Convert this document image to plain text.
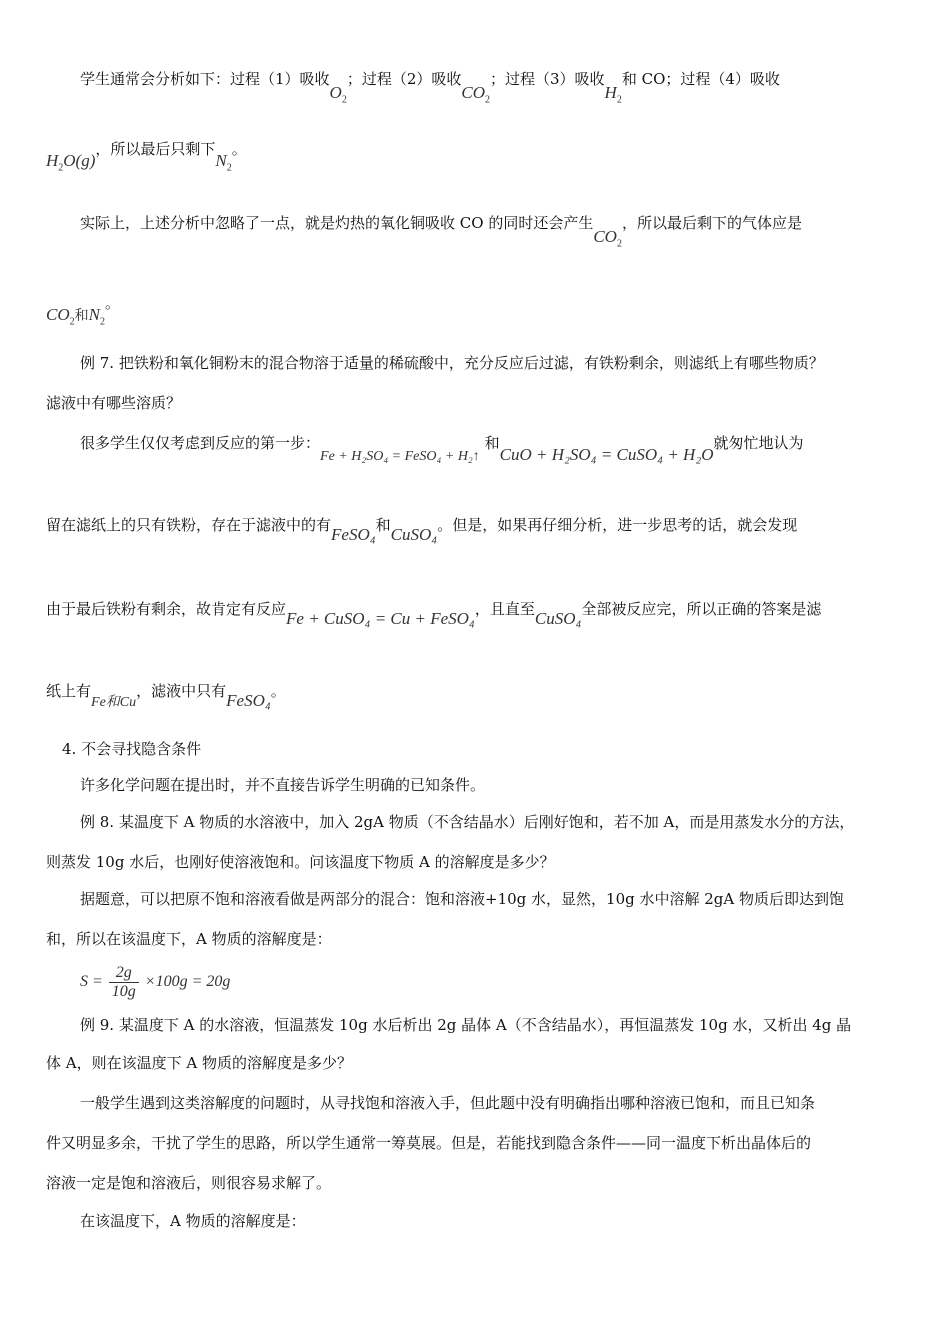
学生通常会分析如下：过程（1）吸收$O_2$；过程（2）吸收$CO_2$；过程（3）吸收$H_2$和 CO；过程（4）吸收
$H_2O(g)$，所以最后只剩下$N_2$。
实际上，上述分析中忽略了一点，就是灼热的氧化铜吸收 CO 的同时还会产生$CO_2$，所以最后剩下的气体应是
$CO_2$和$N_2$。
例 7. 把铁粉和氧化铜粉末的混合物溶于适量的稀硫酸中，充分反应后过滤，有铁粉剩余，则滤纸上有哪些物质？
滤液中有哪些溶质？
很多学生仅仅考虑到反应的第一步：Fe + H₂SO₄ = FeSO₄ + H₂↑ 和CuO + H₂SO₄ = CuSO₄ + H₂O就匆忙地认为
留在滤纸上的只有铁粉，存在于滤液中的有FeSO₄和CuSO₄。但是，如果再仔细分析，进一步思考的话，就会发现
由于最后铁粉有剩余，故肯定有反应Fe + CuSO₄ = Cu + FeSO₄，且直至CuSO₄全部被反应完，所以正确的答案是滤
纸上有Fe和Cu，滤液中只有FeSO₄。
4. 不会寻找隐含条件
许多化学问题在提出时，并不直接告诉学生明确的已知条件。
例 8. 某温度下 A 物质的水溶液中，加入 2gA 物质（不含结晶水）后刚好饱和，若不加 A，而是用蒸发水分的方法，
则蒸发 10g 水后，也刚好使溶液饱和。问该温度下物质 A 的溶解度是多少？
据题意，可以把原不饱和溶液看做是两部分的混合：饱和溶液+10g 水，显然，10g 水中溶解 2gA 物质后即达到饱
和，所以在该温度下，A 物质的溶解度是：
$S = \frac{2g}{10g} \times 100g = 20g$
例 9. 某温度下 A 的水溶液，恒温蒸发 10g 水后析出 2g 晶体 A（不含结晶水），再恒温蒸发 10g 水，又析出 4g 晶
体 A，则在该温度下 A 物质的溶解度是多少？
一般学生遇到这类溶解度的问题时，从寻找饱和溶液入手，但此题中没有明确指出哪种溶液已饱和，而且已知条
件又明显多余，干扰了学生的思路，所以学生通常一筹莫展。但是，若能找到隐含条件——同一温度下析出晶体后的
溶液一定是饱和溶液后，则很容易求解了。
在该温度下，A 物质的溶解度是：
